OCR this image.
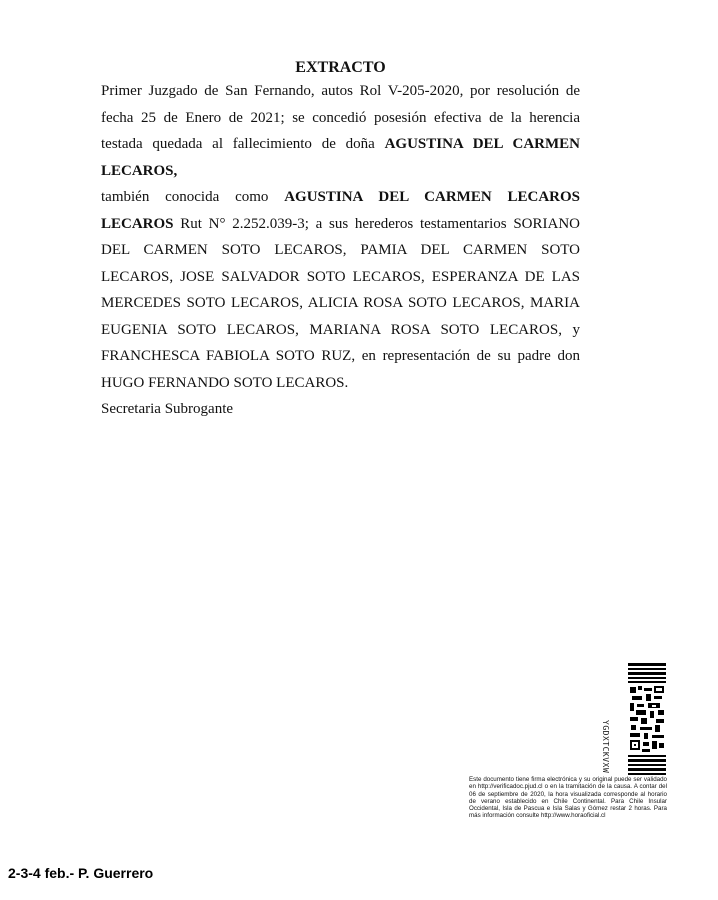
EXTRACTO
Primer Juzgado de San Fernando, autos Rol V-205-2020, por resolución de
fecha 25 de Enero de 2021; se concedió posesión efectiva de la herencia
testada quedada al fallecimiento de doña AGUSTINA DEL CARMEN
LECAROS,
también conocida como AGUSTINA DEL CARMEN LECAROS
LECAROS Rut N° 2.252.039-3; a sus herederos testamentarios SORIANO
DEL CARMEN SOTO LECAROS, PAMIA DEL CARMEN SOTO
LECAROS, JOSE SALVADOR SOTO LECAROS, ESPERANZA DE LAS
MERCEDES SOTO LECAROS, ALICIA ROSA SOTO LECAROS, MARIA
EUGENIA SOTO LECAROS, MARIANA ROSA SOTO LECAROS, y
FRANCHESCA FABIOLA SOTO RUZ, en representación de su padre don
HUGO FERNANDO SOTO LECAROS.
Secretaria Subrogante
YGDXTCKVXW
Este documento tiene firma electrónica y su original puede ser validado en http://verificadoc.pjud.cl o en la tramitación de la causa. A contar del 06 de septiembre de 2020, la hora visualizada corresponde al horario de verano establecido en Chile Continental. Para Chile Insular Occidental, Isla de Pascua e Isla Salas y Gómez restar 2 horas. Para más información consulte http://www.horaoficial.cl
2-3-4 feb.- P. Guerrero
